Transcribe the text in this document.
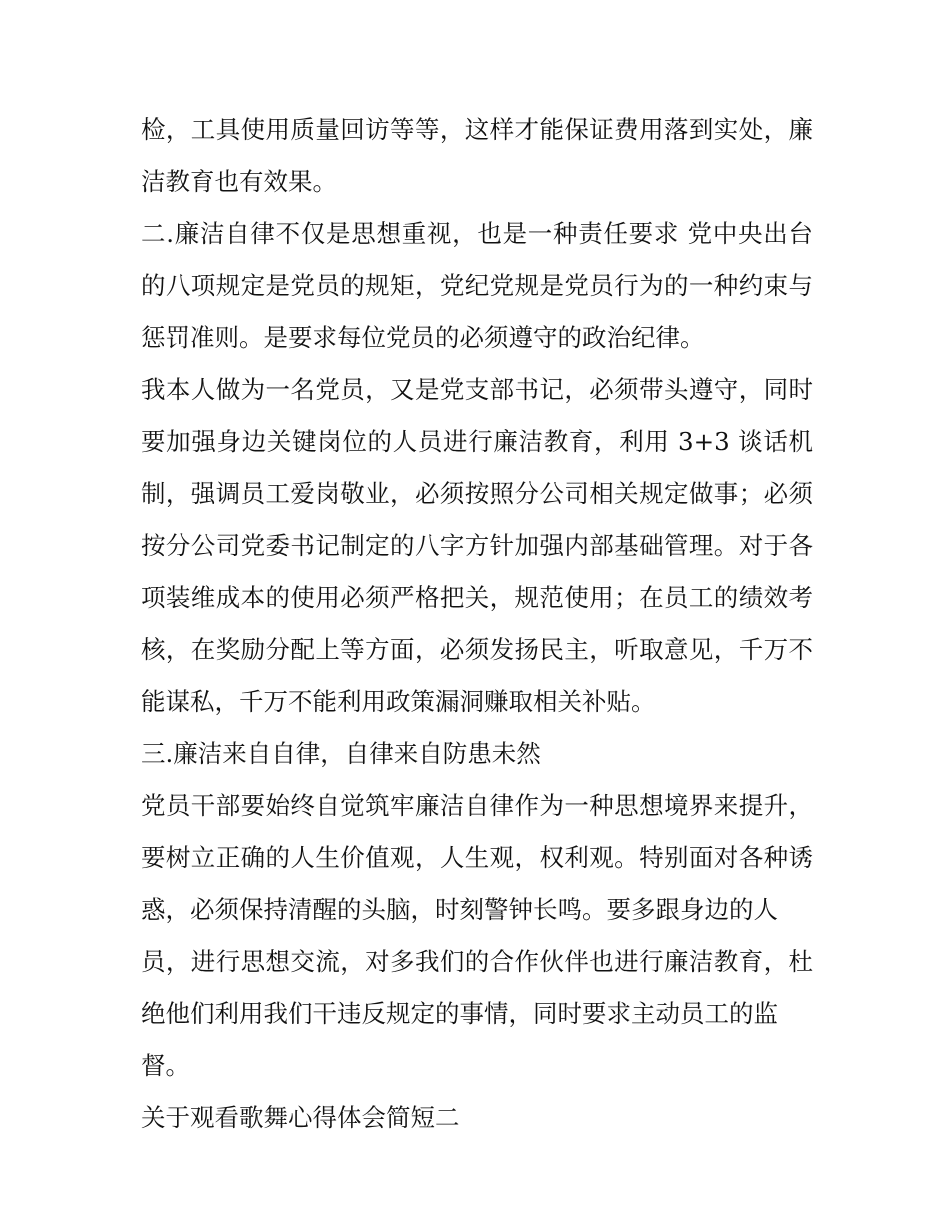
检，工具使用质量回访等等，这样才能保证费用落到实处，廉
洁教育也有效果。
二.廉洁自律不仅是思想重视，也是一种责任要求 党中央出台
的八项规定是党员的规矩，党纪党规是党员行为的一种约束与
惩罚准则。是要求每位党员的必须遵守的政治纪律。
我本人做为一名党员，又是党支部书记，必须带头遵守，同时
要加强身边关键岗位的人员进行廉洁教育，利用 3+3 谈话机
制，强调员工爱岗敬业，必须按照分公司相关规定做事；必须
按分公司党委书记制定的八字方针加强内部基础管理。对于各
项装维成本的使用必须严格把关，规范使用；在员工的绩效考
核，在奖励分配上等方面，必须发扬民主，听取意见，千万不
能谋私，千万不能利用政策漏洞赚取相关补贴。
三.廉洁来自自律，自律来自防患未然
党员干部要始终自觉筑牢廉洁自律作为一种思想境界来提升，
要树立正确的人生价值观，人生观，权利观。特别面对各种诱
惑，必须保持清醒的头脑，时刻警钟长鸣。要多跟身边的人
员，进行思想交流，对多我们的合作伙伴也进行廉洁教育，杜
绝他们利用我们干违反规定的事情，同时要求主动员工的监
督。
关于观看歌舞心得体会简短二
